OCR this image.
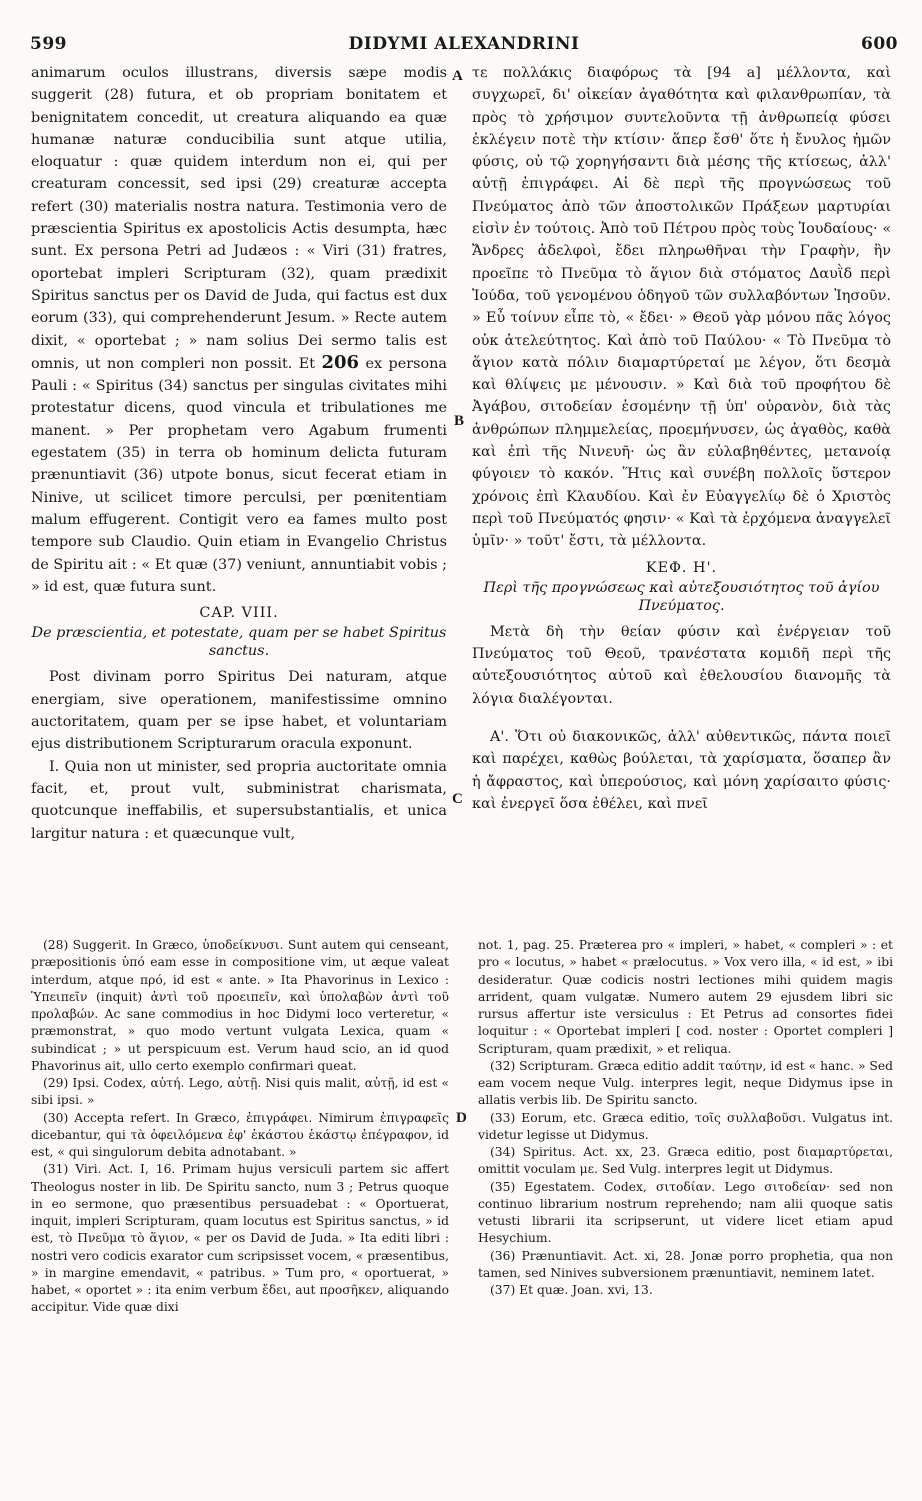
599	DIDYMI ALEXANDRINI	600

animarum oculos illustrans, diversis sæpe modis suggerit (28) futura, et ob propriam bonitatem et benignitatem concedit, ut creatura aliquando ea quæ humanæ naturæ conducibilia sunt atque utilia, eloquatur : quæ quidem interdum non ei, qui per creaturam concessit, sed ipsi (29) creaturæ accepta refert (30) materialis nostra natura. Testimonia vero de præscientia Spiritus ex apostolicis Actis desumpta, hæc sunt. Ex persona Petri ad Judæos : « Viri (31) fratres, oportebat impleri Scripturam (32), quam prædixit Spiritus sanctus per os David de Juda, qui factus est dux eorum (33), qui comprehenderunt Jesum. » Recte autem dixit, « oportebat ; » nam solius Dei sermo talis est omnis, ut non compleri non possit. Et 206 ex persona Pauli : « Spiritus (34) sanctus per singulas civitates mihi protestatur dicens, quod vincula et tribulationes me manent. » Per prophetam vero Agabum frumenti egestatem (35) in terra ob hominum delicta futuram prænuntiavit (36) utpote bonus, sicut fecerat etiam in Ninive, ut scilicet timore perculsi, per pœnitentiam malum effugerent. Contigit vero ea fames multo post tempore sub Claudio. Quin etiam in Evangelio Christus de Spiritu ait : « Et quæ (37) veniunt, annuntiabit vobis ; » id est, quæ futura sunt.

CAP. VIII.

De præscientia, et potestate, quam per se habet Spiritus sanctus.

Post divinam porro Spiritus Dei naturam, atque energiam, sive operationem, manifestissime omnino auctoritatem, quam per se ipse habet, et voluntariam ejus distributionem Scripturarum oracula exponunt.

I. Quia non ut minister, sed propria auctoritate omnia facit, et, prout vult, subministrat charismata, quotcunque ineffabilis, et supersubstantialis, et unica largitur natura : et quæcunque vult,

τε πολλάκις διαφόρως τὰ [94 a] μέλλοντα, καὶ συγχωρεῖ, δι' οἰκείαν ἀγαθότητα καὶ φιλανθρωπίαν, τὰ πρὸς τὸ χρήσιμον συντελοῦντα τῇ ἀνθρωπείᾳ φύσει ἐκλέγειν ποτὲ τὴν κτίσιν· ἅπερ ἔσθ' ὅτε ἡ ἔνυλος ἡμῶν φύσις, οὐ τῷ χορηγήσαντι διὰ μέσης τῆς κτίσεως, ἀλλ' αὐτῇ ἐπιγράφει. Αἱ δὲ περὶ τῆς προγνώσεως τοῦ Πνεύματος ἀπὸ τῶν ἀποστολικῶν Πράξεων μαρτυρίαι εἰσὶν ἐν τούτοις. Ἀπὸ τοῦ Πέτρου πρὸς τοὺς Ἰουδαίους· « Ἄνδρες ἀδελφοὶ, ἔδει πληρωθῆναι τὴν Γραφὴν, ἣν προεῖπε τὸ Πνεῦμα τὸ ἅγιον διὰ στόματος Δαυῒδ περὶ Ἰούδα, τοῦ γενομένου ὁδηγοῦ τῶν συλλαβόντων Ἰησοῦν. » Εὖ τοίνυν εἶπε τὸ, « ἔδει· » Θεοῦ γὰρ μόνου πᾶς λόγος οὐκ ἀτελεύτητος. Καὶ ἀπὸ τοῦ Παύλου· « Τὸ Πνεῦμα τὸ ἅγιον κατὰ πόλιν διαμαρτύρεταί με λέγον, ὅτι δεσμὰ καὶ θλίψεις με μένουσιν. » Καὶ διὰ τοῦ προφήτου δὲ Ἀγάβου, σιτοδείαν ἐσομένην τῇ ὑπ' οὐρανὸν, διὰ τὰς ἀνθρώπων πλημμελείας, προεμήνυσεν, ὡς ἀγαθὸς, καθὰ καὶ ἐπὶ τῆς Νινευῆ· ὡς ἂν εὐλαβηθέντες, μετανοίᾳ φύγοιεν τὸ κακόν. Ἥτις καὶ συνέβη πολλοῖς ὕστερον χρόνοις ἐπὶ Κλαυδίου. Καὶ ἐν Εὐαγγελίῳ δὲ ὁ Χριστὸς περὶ τοῦ Πνεύματός φησιν· « Καὶ τὰ ἐρχόμενα ἀναγγελεῖ ὑμῖν· » τοῦτ' ἔστι, τὰ μέλλοντα.

ΚΕΦ. Η'.

Περὶ τῆς προγνώσεως καὶ αὐτεξουσιότητος τοῦ ἁγίου Πνεύματος.

Μετὰ δὴ τὴν θείαν φύσιν καὶ ἐνέργειαν τοῦ Πνεύματος τοῦ Θεοῦ, τρανέστατα κομιδῆ περὶ τῆς αὐτεξουσιότητος αὐτοῦ καὶ ἐθελουσίου διανομῆς τὰ λόγια διαλέγονται.

Α'. Ὅτι οὐ διακονικῶς, ἀλλ' αὐθεντικῶς, πάντα ποιεῖ καὶ παρέχει, καθὼς βούλεται, τὰ χαρίσματα, ὅσαπερ ἂν ἡ ἄφραστος, καὶ ὑπερούσιος, καὶ μόνη χαρίσαιτο φύσις· καὶ ἐνεργεῖ ὅσα ἐθέλει, καὶ πνεῖ

A
B
C
D

(28) Suggerit. In Græco, ὑποδείκνυσι. Sunt autem qui censeant, præpositionis ὑπό eam esse in compositione vim, ut æque valeat interdum, atque πρό, id est « ante. » Ita Phavorinus in Lexico : Ὑπειπεῖν (inquit) ἀντὶ τοῦ προειπεῖν, καὶ ὑπολαβὼν ἀντὶ τοῦ προλαβών. Ac sane commodius in hoc Didymi loco verteretur, « præmonstrat, » quo modo vertunt vulgata Lexica, quam « subindicat ; » ut perspicuum est. Verum haud scio, an id quod Phavorinus ait, ullo certo exemplo confirmari queat.

(29) Ipsi. Codex, αὐτή. Lego, αὐτῇ. Nisi quis malit, αὐτῇ, id est « sibi ipsi. »

(30) Accepta refert. In Græco, ἐπιγράφει. Nimirum ἐπιγραφεῖς dicebantur, qui τὰ ὀφειλόμενα ἐφ' ἑκάστου ἑκάστῳ ἐπέγραφον, id est, « qui singulorum debita adnotabant. »

(31) Viri. Act. I, 16. Primam hujus versiculi partem sic affert Theologus noster in lib. De Spiritu sancto, num 3 ; Petrus quoque in eo sermone, quo præsentibus persuadebat : « Oportuerat, inquit, impleri Scripturam, quam locutus est Spiritus sanctus, » id est, τὸ Πνεῦμα τὸ ἅγιον, « per os David de Juda. » Ita editi libri : nostri vero codicis exarator cum scripsisset vocem, « præsentibus, » in margine emendavit, « patribus. » Tum pro, « oportuerat, » habet, « oportet » : ita enim verbum ἔδει, aut προσῆκεν, aliquando accipitur. Vide quæ dixi

not. 1, pag. 25. Præterea pro « impleri, » habet, « compleri » : et pro « locutus, » habet « prælocutus. » Vox vero illa, « id est, » ibi desideratur. Quæ codicis nostri lectiones mihi quidem magis arrident, quam vulgatæ. Numero autem 29 ejusdem libri sic rursus affertur iste versiculus : Et Petrus ad consortes fidei loquitur : « Oportebat impleri [ cod. noster : Oportet compleri ] Scripturam, quam prædixit, » et reliqua.

(32) Scripturam. Græca editio addit ταύτην, id est « hanc. » Sed eam vocem neque Vulg. interpres legit, neque Didymus ipse in allatis verbis lib. De Spiritu sancto.

(33) Eorum, etc. Græca editio, τοῖς συλλαβοῦσι. Vulgatus int. videtur legisse ut Didymus.

(34) Spiritus. Act. xx, 23. Græca editio, post διαμαρτύρεται, omittit voculam με. Sed Vulg. interpres legit ut Didymus.

(35) Egestatem. Codex, σιτοδίαν. Lego σιτοδείαν· sed non continuo librarium nostrum reprehendo; nam alii quoque satis vetusti librarii ita scripserunt, ut videre licet etiam apud Hesychium.

(36) Prænuntiavit. Act. xi, 28. Jonæ porro prophetia, qua non tamen, sed Ninives subversionem prænuntiavit, neminem latet.

(37) Et quæ. Joan. xvi, 13.
